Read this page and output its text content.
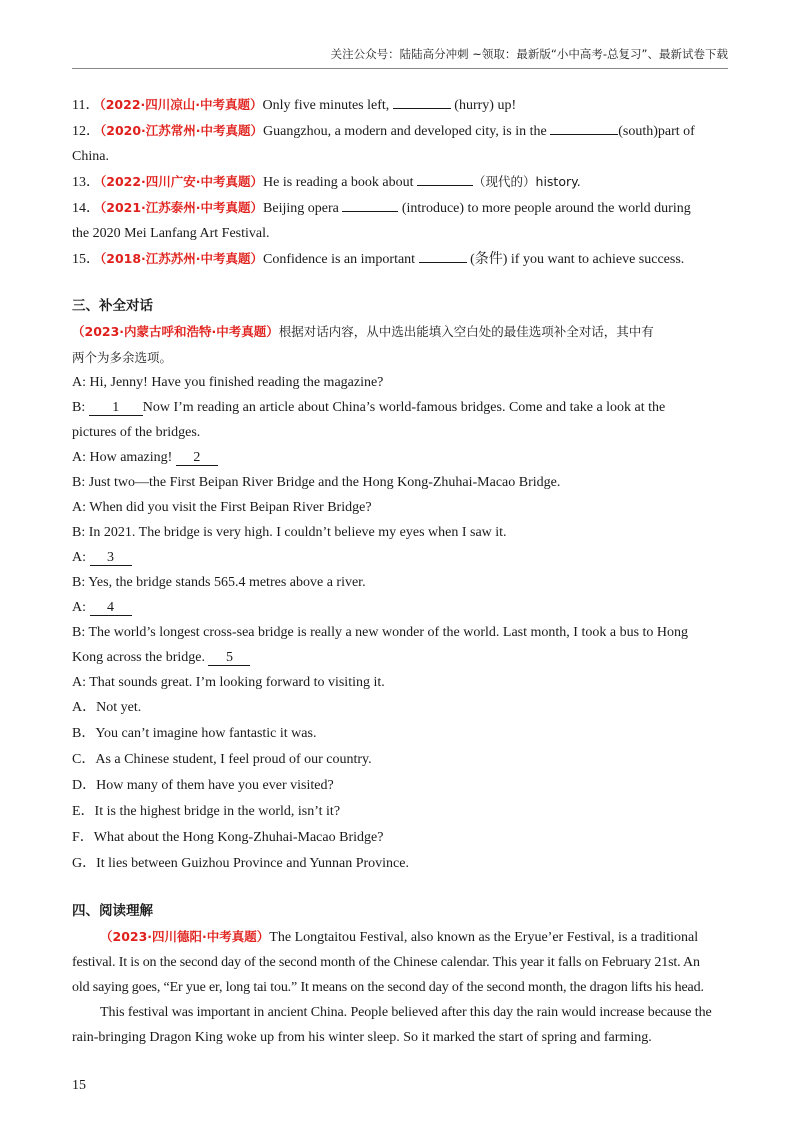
关注公众号：陆陆高分冲刺 ~领取：最新版“小中高考-总复习”、最新试卷下载
11．（2022·四川凉山·中考真题）Only five minutes left,	(hurry) up!
12．（2020·江苏常州·中考真题）Guangzhou, a modern and developed city, is in the	(south)part of
China.
13．（2022·四川广安·中考真题）He is reading a book about	（现代的）history.
14．（2021·江苏泰州·中考真题）Beijing opera	(introduce) to more people around the world during
the 2020 Mei Lanfang Art Festival.
15．（2018·江苏苏州·中考真题）Confidence is an important	(条件) if you want to achieve success.
三、补全对话
（2023·内蒙古呼和浩特·中考真题）根据对话内容，从中选出能填入空白处的最佳选项补全对话，其中有
两个为多余选项。
A: Hi, Jenny! Have you finished reading the magazine?
B: 1 Now I’m reading an article about China’s world-famous bridges. Come and take a look at the
pictures of the bridges.
A: How amazing! 2
B: Just two—the First Beipan River Bridge and the Hong Kong-Zhuhai-Macao Bridge.
A: When did you visit the First Beipan River Bridge?
B: In 2021. The bridge is very high. I couldn’t believe my eyes when I saw it.
A: 3
B: Yes, the bridge stands 565.4 metres above a river.
A: 4
B: The world’s longest cross-sea bridge is really a new wonder of the world. Last month, I took a bus to Hong
Kong across the bridge. 5
A: That sounds great. I’m looking forward to visiting it.
A．Not yet.
B．You can’t imagine how fantastic it was.
C．As a Chinese student, I feel proud of our country.
D．How many of them have you ever visited?
E．It is the highest bridge in the world, isn’t it?
F．What about the Hong Kong-Zhuhai-Macao Bridge?
G．It lies between Guizhou Province and Yunnan Province.
四、阅读理解
（2023·四川德阳·中考真题）The Longtaitou Festival, also known as the Eryue’er Festival, is a traditional
festival. It is on the second day of the second month of the Chinese calendar. This year it falls on February 21st. An
old saying goes, “Er yue er, long tai tou.” It means on the second day of the second month, the dragon lifts his head.
This festival was important in ancient China. People believed after this day the rain would increase because the
rain-bringing Dragon King woke up from his winter sleep. So it marked the start of spring and farming.
15
